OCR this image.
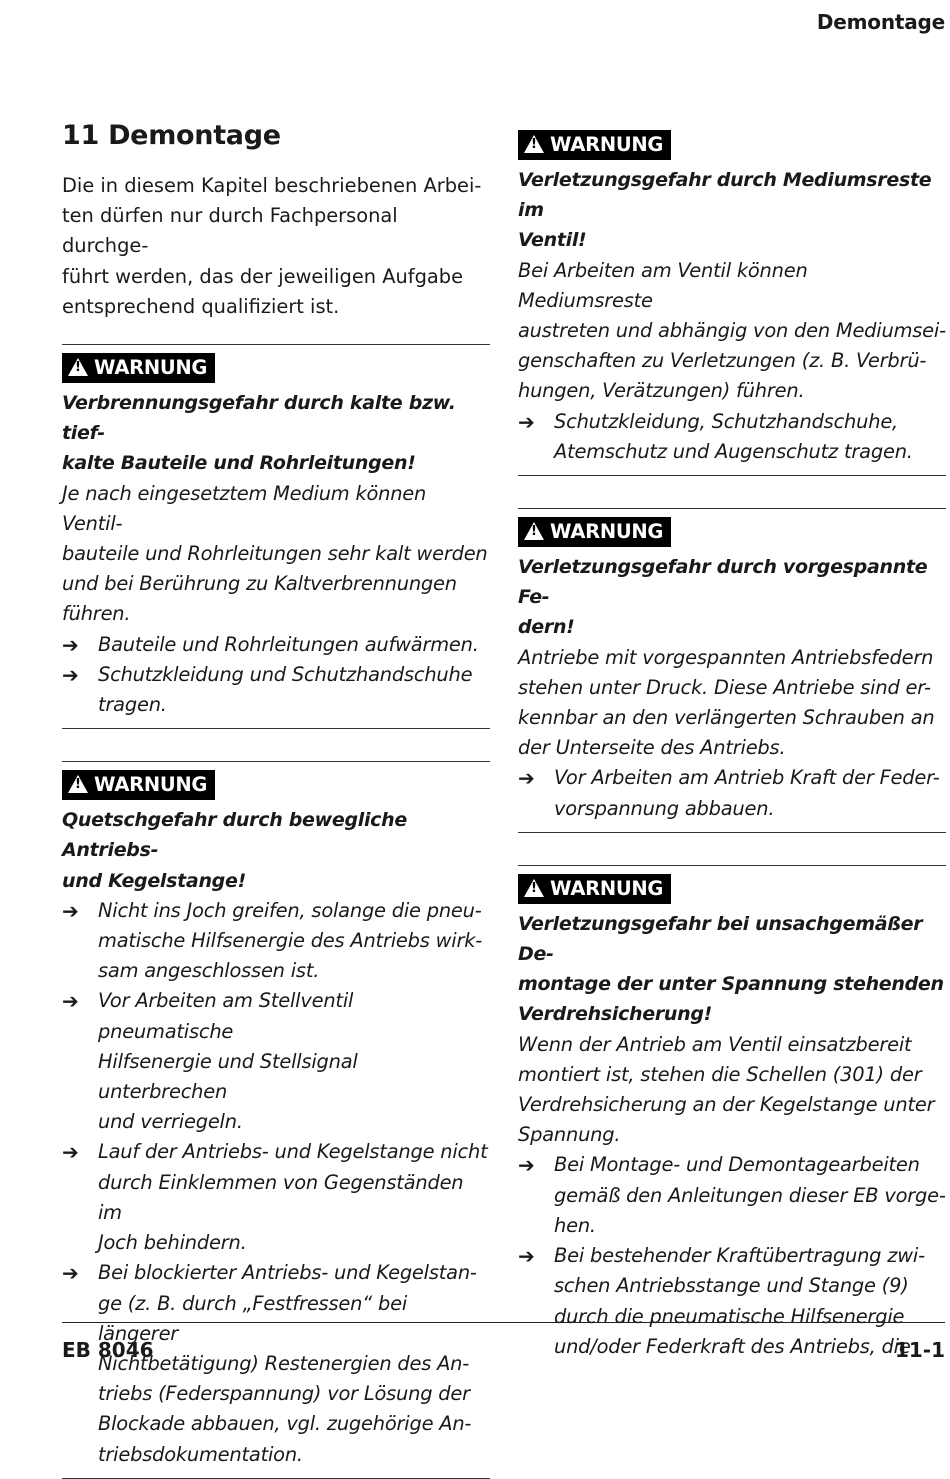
Demontage
11 Demontage
Die in diesem Kapitel beschriebenen Arbei-
ten dürfen nur durch Fachpersonal durchge-
führt werden, das der jeweiligen Aufgabe
entsprechend qualifiziert ist.
!WARNUNG
Verbrennungsgefahr durch kalte bzw. tief-
kalte Bauteile und Rohrleitungen!
Je nach eingesetztem Medium können Ventil-
bauteile und Rohrleitungen sehr kalt werden
und bei Berührung zu Kaltverbrennungen
führen.
➔ Bauteile und Rohrleitungen aufwärmen.
➔ Schutzkleidung und Schutzhandschuhe
tragen.
!WARNUNG
Quetschgefahr durch bewegliche Antriebs-
und Kegelstange!
➔ Nicht ins Joch greifen, solange die pneu-
matische Hilfsenergie des Antriebs wirk-
sam angeschlossen ist.
➔ Vor Arbeiten am Stellventil pneumatische
Hilfsenergie und Stellsignal unterbrechen
und verriegeln.
➔ Lauf der Antriebs- und Kegelstange nicht
durch Einklemmen von Gegenständen im
Joch behindern.
➔ Bei blockierter Antriebs- und Kegelstan-
ge (z. B. durch „Festfressen“ bei längerer
Nichtbetätigung) Restenergien des An-
triebs (Federspannung) vor Lösung der
Blockade abbauen, vgl. zugehörige An-
triebsdokumentation.
!WARNUNG
Verletzungsgefahr durch Mediumsreste im
Ventil!
Bei Arbeiten am Ventil können Mediumsreste
austreten und abhängig von den Mediumsei-
genschaften zu Verletzungen (z. B. Verbrü-
hungen, Verätzungen) führen.
➔ Schutzkleidung, Schutzhandschuhe,
Atemschutz und Augenschutz tragen.
!WARNUNG
Verletzungsgefahr durch vorgespannte Fe-
dern!
Antriebe mit vorgespannten Antriebsfedern
stehen unter Druck. Diese Antriebe sind er-
kennbar an den verlängerten Schrauben an
der Unterseite des Antriebs.
➔ Vor Arbeiten am Antrieb Kraft der Feder-
vorspannung abbauen.
!WARNUNG
Verletzungsgefahr bei unsachgemäßer De-
montage der unter Spannung stehenden
Verdrehsicherung!
Wenn der Antrieb am Ventil einsatzbereit
montiert ist, stehen die Schellen (301) der
Verdrehsicherung an der Kegelstange unter
Spannung.
➔ Bei Montage- und Demontagearbeiten
gemäß den Anleitungen dieser EB vorge-
hen.
➔ Bei bestehender Kraftübertragung zwi-
schen Antriebsstange und Stange (9)
durch die pneumatische Hilfsenergie
und/oder Federkraft des Antriebs, die
EB 8046	11-1
